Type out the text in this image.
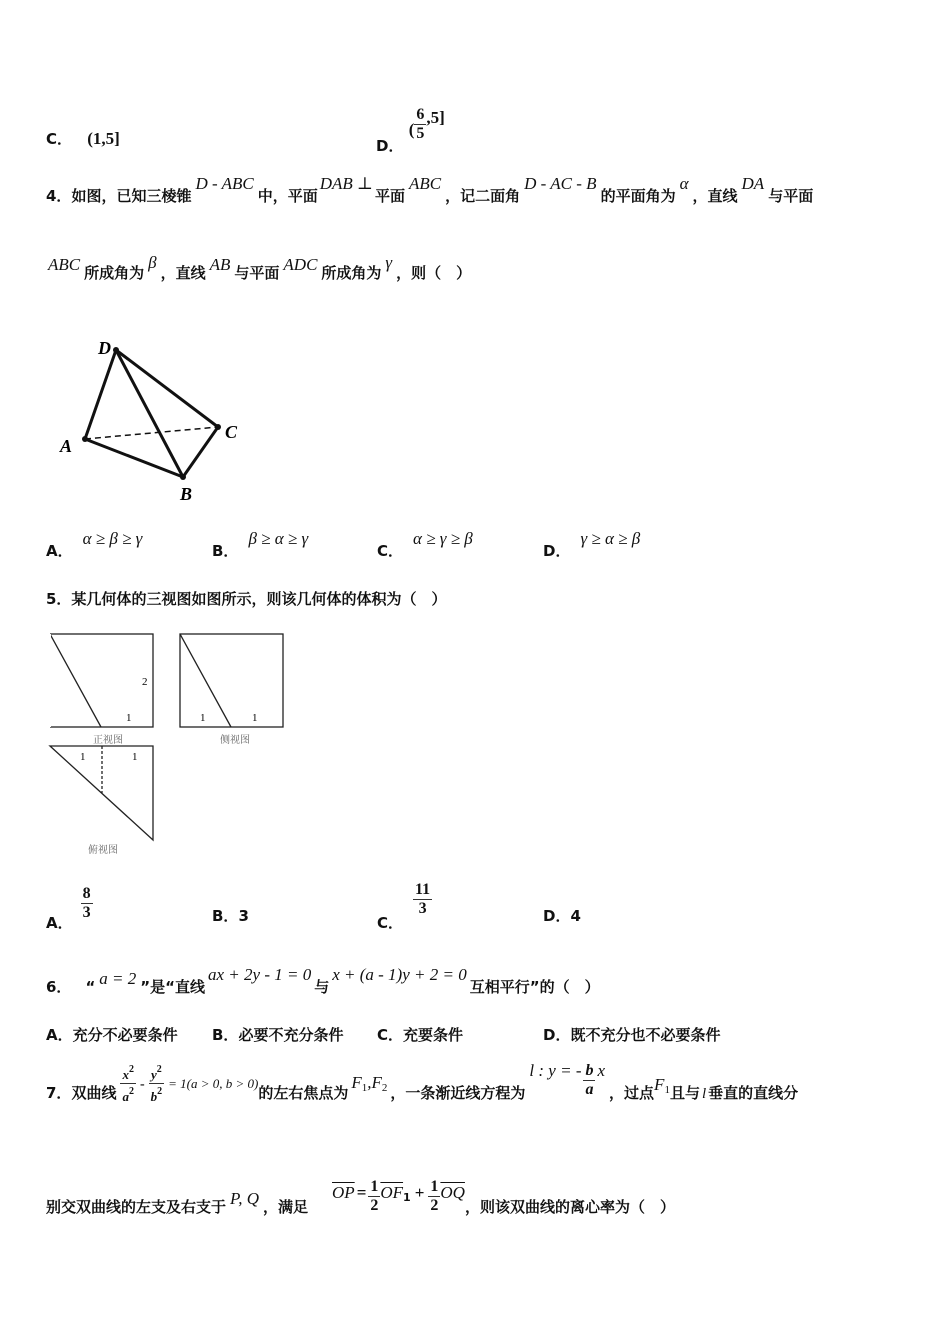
C． (1,5]	D． ( $\frac{6}{5} ,5$]
4．如图，已知三棱锥D - ABC中，平面DAB ⊥平面ABC，记二面角D - AC - B的平面角为α，直线DA与平面
ABC 所成角为β，直线 AB 与平面 ADC 所成角为γ，则（　）
D
A
C
B
A．α ≥ β ≥ γ
B．β ≥ α ≥ γ
C．α ≥ γ ≥ β
D．γ ≥ α ≥ β
5．某几何体的三视图如图所示，则该几何体的体积为（　）
2
1
正视图
1	1
侧视图
1	1
俯视图
A．
$\frac{8}{3}$	B．3	C．
$\frac{11}{3}$	D．4
6． “ a = 2 ”是“直线ax + 2y - 1 = 0与x + (a - 1)y + 2 = 0互相平行”的（　）
A．充分不必要条件 B．必要不充分条件 C．充要条件	D．既不充分也不必要条件
7．双曲线 $\frac{x^2}{a^2} - \frac{y^2}{b^2} = 1(a > 0$, b > 0)的左右焦点为$F_1,F_2$ ，一条渐近线方程为l : y = - $\frac{b}{a}$ x，过点$F_1$且与 l 垂直的直线分
别交双曲线的左支及右支于 P, Q ，满足$\overline{OP} = \frac{1}{2} \overline{OF}_1 + \frac{1}{2} \overline{OQ}$，则该双曲线的离心率为（　）
